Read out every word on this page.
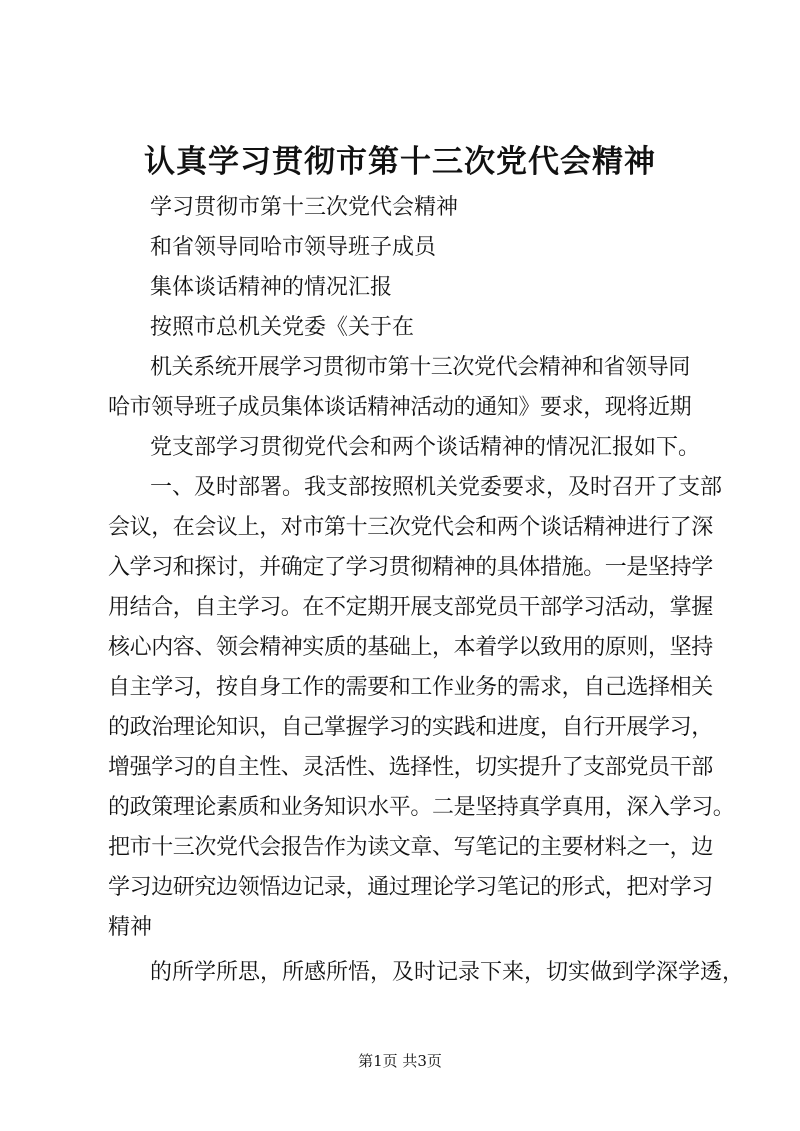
认真学习贯彻市第十三次党代会精神
学习贯彻市第十三次党代会精神
和省领导同哈市领导班子成员
集体谈话精神的情况汇报
按照市总机关党委《关于在
机关系统开展学习贯彻市第十三次党代会精神和省领导同
哈市领导班子成员集体谈话精神活动的通知》要求，现将近期
党支部学习贯彻党代会和两个谈话精神的情况汇报如下。
一、及时部署。我支部按照机关党委要求，及时召开了支部
会议，在会议上，对市第十三次党代会和两个谈话精神进行了深
入学习和探讨，并确定了学习贯彻精神的具体措施。一是坚持学
用结合，自主学习。在不定期开展支部党员干部学习活动，掌握
核心内容、领会精神实质的基础上，本着学以致用的原则，坚持
自主学习，按自身工作的需要和工作业务的需求，自己选择相关
的政治理论知识，自己掌握学习的实践和进度，自行开展学习，
增强学习的自主性、灵活性、选择性，切实提升了支部党员干部
的政策理论素质和业务知识水平。二是坚持真学真用，深入学习。
把市十三次党代会报告作为读文章、写笔记的主要材料之一，边
学习边研究边领悟边记录，通过理论学习笔记的形式，把对学习
精神
的所学所思，所感所悟，及时记录下来，切实做到学深学透，
第1页 共3页
